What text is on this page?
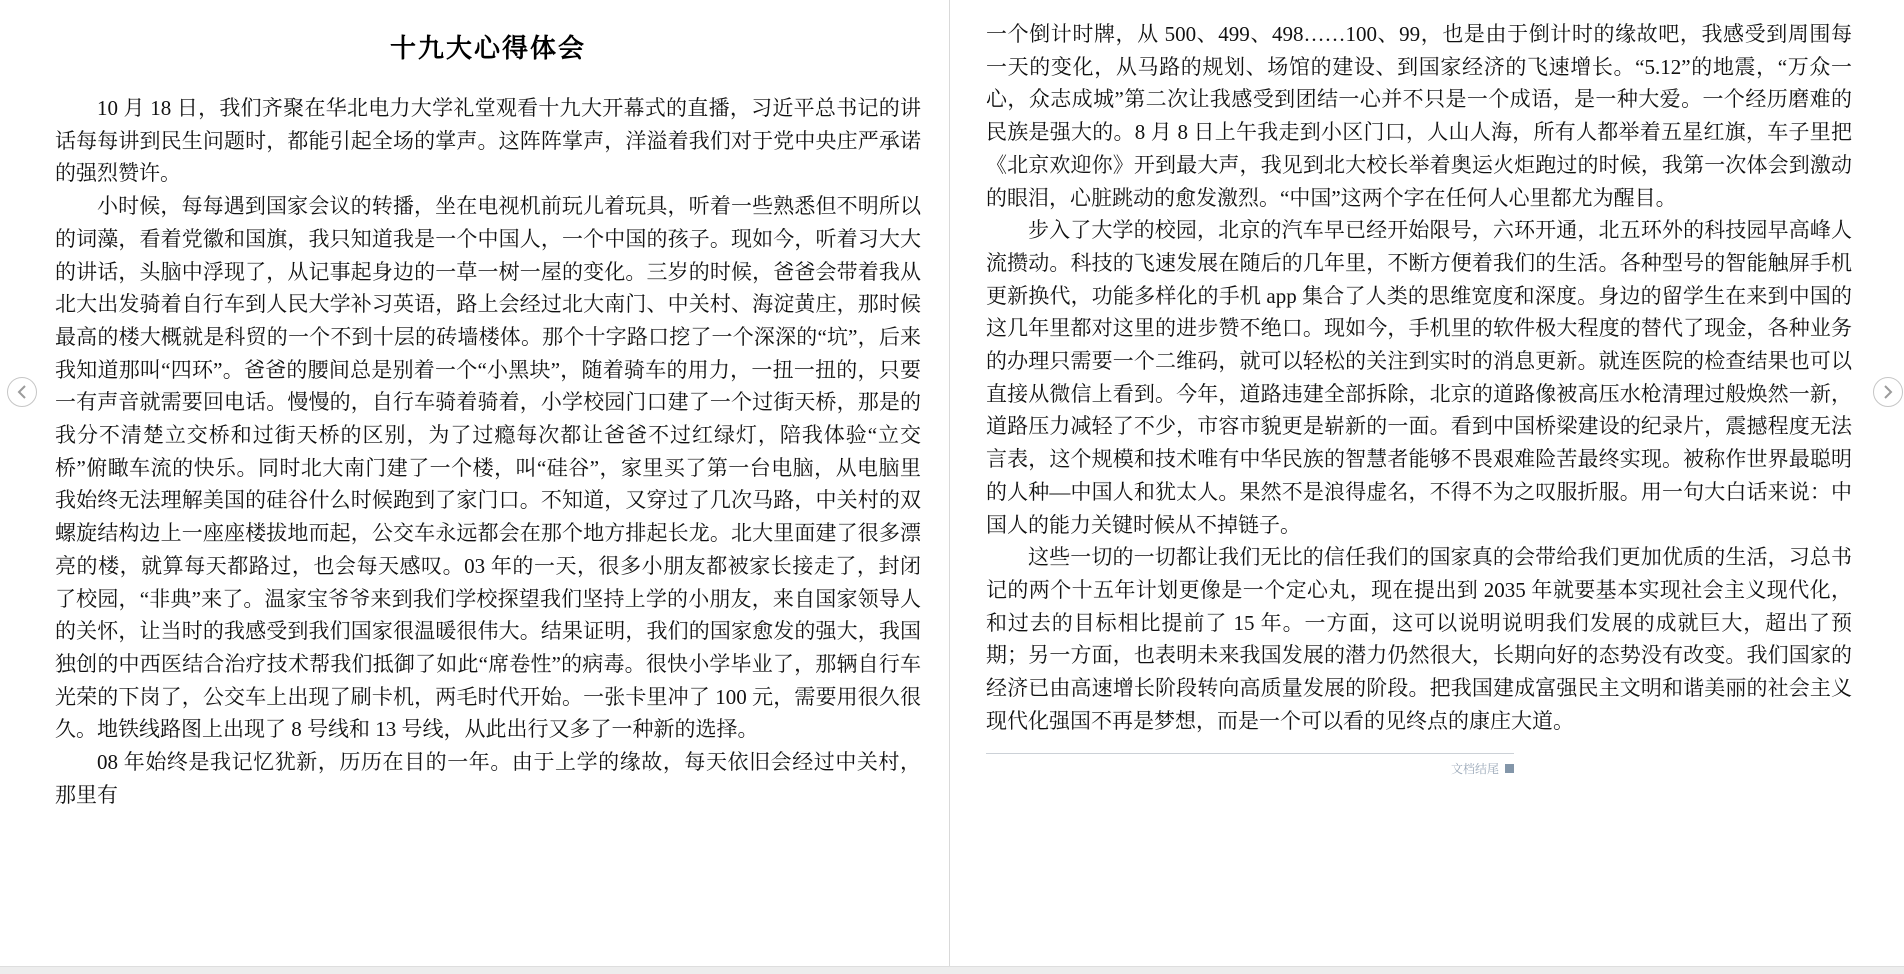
十九大心得体会

10 月 18 日，我们齐聚在华北电力大学礼堂观看十九大开幕式的直播，习近平总书记的讲话每每讲到民生问题时，都能引起全场的掌声。这阵阵掌声，洋溢着我们对于党中央庄严承诺的强烈赞许。

小时候，每每遇到国家会议的转播，坐在电视机前玩儿着玩具，听着一些熟悉但不明所以的词藻，看着党徽和国旗，我只知道我是一个中国人，一个中国的孩子。现如今，听着习大大的讲话，头脑中浮现了，从记事起身边的一草一树一屋的变化。三岁的时候，爸爸会带着我从北大出发骑着自行车到人民大学补习英语，路上会经过北大南门、中关村、海淀黄庄，那时候最高的楼大概就是科贸的一个不到十层的砖墙楼体。那个十字路口挖了一个深深的“坑”，后来我知道那叫“四环”。爸爸的腰间总是别着一个“小黑块”，随着骑车的用力，一扭一扭的，只要一有声音就需要回电话。慢慢的，自行车骑着骑着，小学校园门口建了一个过街天桥，那是的我分不清楚立交桥和过街天桥的区别，为了过瘾每次都让爸爸不过红绿灯，陪我体验“立交桥”俯瞰车流的快乐。同时北大南门建了一个楼，叫“硅谷”，家里买了第一台电脑，从电脑里我始终无法理解美国的硅谷什么时候跑到了家门口。不知道，又穿过了几次马路，中关村的双螺旋结构边上一座座楼拔地而起，公交车永远都会在那个地方排起长龙。北大里面建了很多漂亮的楼，就算每天都路过，也会每天感叹。03 年的一天，很多小朋友都被家长接走了，封闭了校园，“非典”来了。温家宝爷爷来到我们学校探望我们坚持上学的小朋友，来自国家领导人的关怀，让当时的我感受到我们国家很温暖很伟大。结果证明，我们的国家愈发的强大，我国独创的中西医结合治疗技术帮我们抵御了如此“席卷性”的病毒。很快小学毕业了，那辆自行车光荣的下岗了，公交车上出现了刷卡机，两毛时代开始。一张卡里冲了 100 元，需要用很久很久。地铁线路图上出现了 8 号线和 13 号线，从此出行又多了一种新的选择。

08 年始终是我记忆犹新，历历在目的一年。由于上学的缘故，每天依旧会经过中关村，那里有

一个倒计时牌，从 500、499、498……100、99，也是由于倒计时的缘故吧，我感受到周围每一天的变化，从马路的规划、场馆的建设、到国家经济的飞速增长。“5.12”的地震，“万众一心，众志成城”第二次让我感受到团结一心并不只是一个成语，是一种大爱。一个经历磨难的民族是强大的。8 月 8 日上午我走到小区门口，人山人海，所有人都举着五星红旗，车子里把《北京欢迎你》开到最大声，我见到北大校长举着奥运火炬跑过的时候，我第一次体会到激动的眼泪，心脏跳动的愈发激烈。“中国”这两个字在任何人心里都尤为醒目。

步入了大学的校园，北京的汽车早已经开始限号，六环开通，北五环外的科技园早高峰人流攒动。科技的飞速发展在随后的几年里，不断方便着我们的生活。各种型号的智能触屏手机更新换代，功能多样化的手机 app 集合了人类的思维宽度和深度。身边的留学生在来到中国的这几年里都对这里的进步赞不绝口。现如今，手机里的软件极大程度的替代了现金，各种业务的办理只需要一个二维码，就可以轻松的关注到实时的消息更新。就连医院的检查结果也可以直接从微信上看到。今年，道路违建全部拆除，北京的道路像被高压水枪清理过般焕然一新，道路压力减轻了不少，市容市貌更是崭新的一面。看到中国桥梁建设的纪录片，震撼程度无法言表，这个规模和技术唯有中华民族的智慧者能够不畏艰难险苦最终实现。被称作世界最聪明的人种—中国人和犹太人。果然不是浪得虚名，不得不为之叹服折服。用一句大白话来说：中国人的能力关键时候从不掉链子。

这些一切的一切都让我们无比的信任我们的国家真的会带给我们更加优质的生活，习总书记的两个十五年计划更像是一个定心丸，现在提出到 2035 年就要基本实现社会主义现代化，和过去的目标相比提前了 15 年。一方面，这可以说明说明我们发展的成就巨大，超出了预期；另一方面，也表明未来我国发展的潜力仍然很大，长期向好的态势没有改变。我们国家的经济已由高速增长阶段转向高质量发展的阶段。把我国建成富强民主文明和谐美丽的社会主义现代化强国不再是梦想，而是一个可以看的见终点的康庄大道。

文档结尾
